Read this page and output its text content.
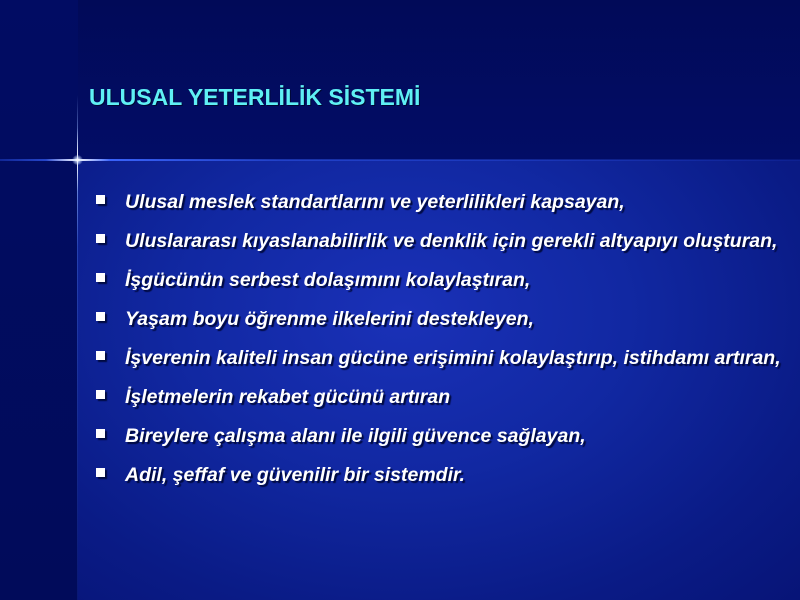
ULUSAL YETERLİLİK SİSTEMİ
Ulusal meslek standartlarını ve yeterlilikleri kapsayan,
Uluslararası kıyaslanabilirlik ve denklik için gerekli altyapıyı oluşturan,
İşgücünün serbest dolaşımını kolaylaştıran,
Yaşam boyu öğrenme ilkelerini destekleyen,
İşverenin kaliteli insan gücüne erişimini kolaylaştırıp, istihdamı artıran,
İşletmelerin rekabet gücünü artıran
Bireylere çalışma alanı ile ilgili güvence sağlayan,
Adil, şeffaf ve güvenilir bir sistemdir.
